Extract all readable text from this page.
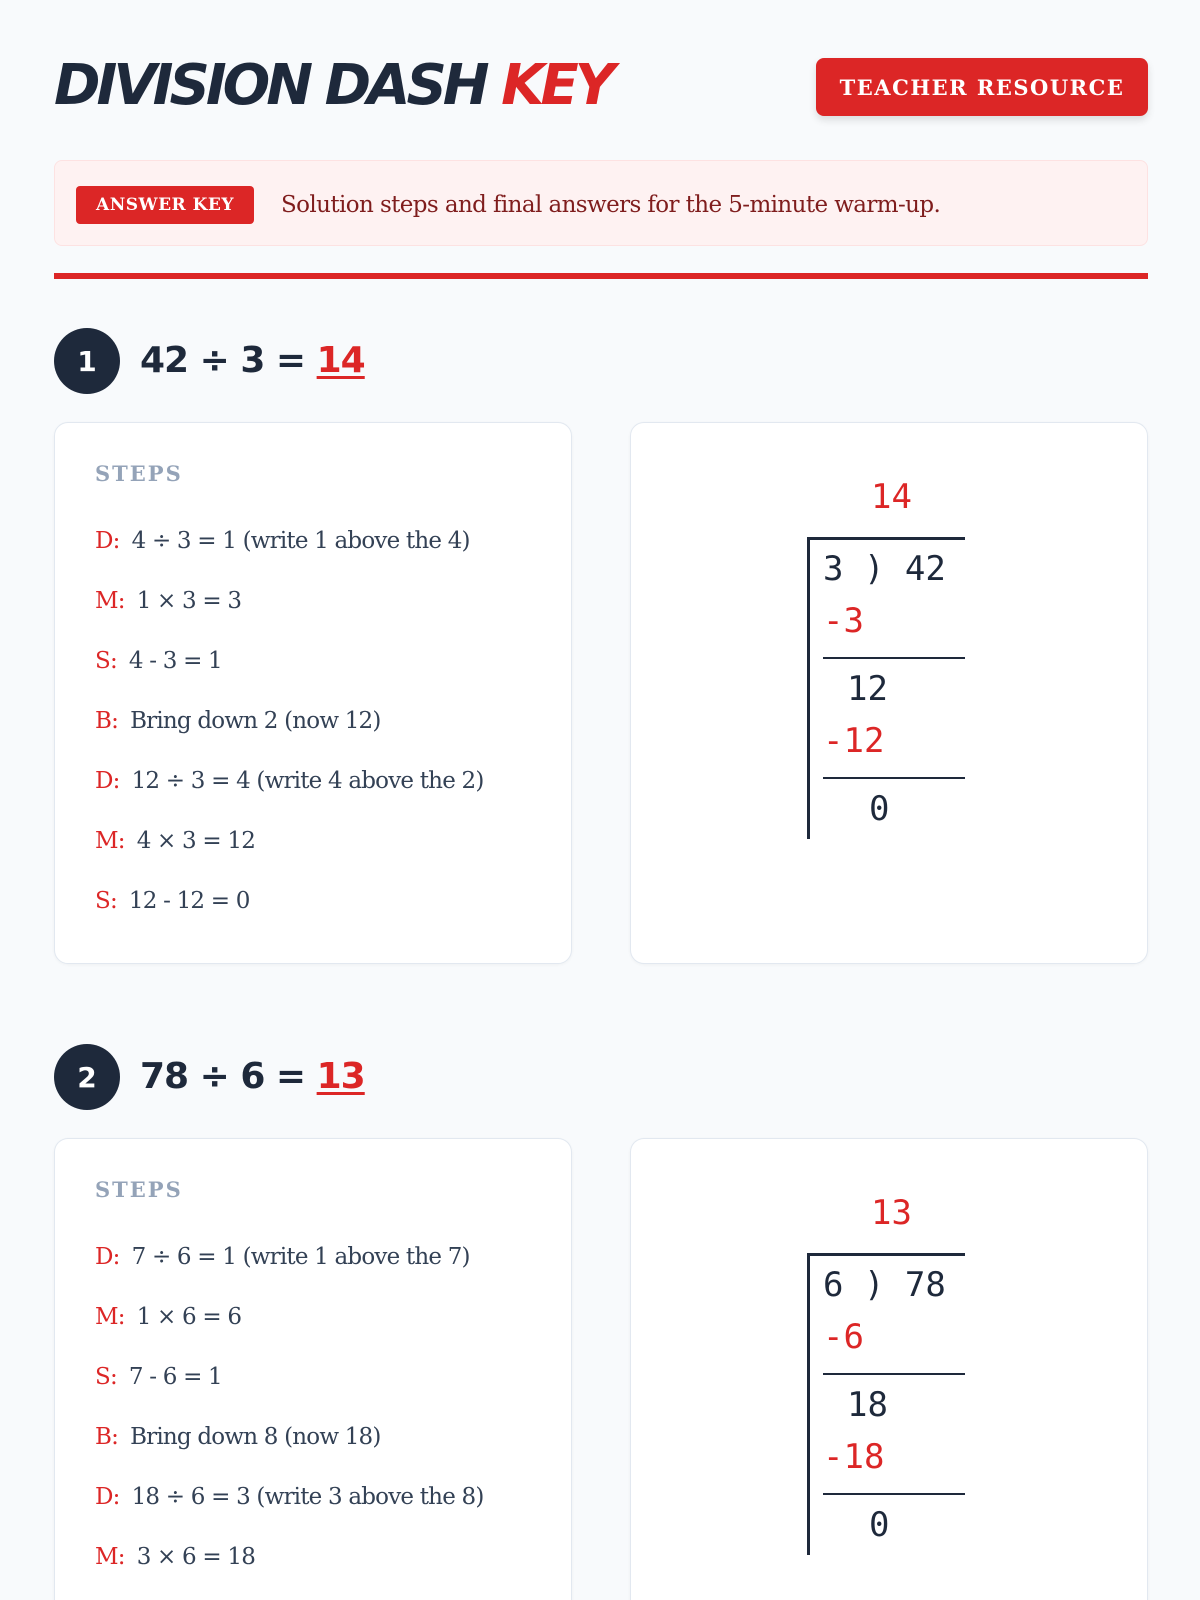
DIVISION DASH KEY	TEACHER RESOURCE
ANSWER KEY	Solution steps and final answers for the 5-minute warm-up.
1	42 ÷ 3 = 14
STEPS
D: 4 ÷ 3 = 1 (write 1 above the 4)
M: 1 × 3 = 3
S: 4 - 3 = 1
B: Bring down 2 (now 12)
D: 12 ÷ 3 = 4 (write 4 above the 2)
M: 4 × 3 = 12
S: 12 - 12 = 0
14
3 ) 42
-3
12
-12
0
2	78 ÷ 6 = 13
STEPS
D: 7 ÷ 6 = 1 (write 1 above the 7)
M: 1 × 6 = 6
S: 7 - 6 = 1
B: Bring down 8 (now 18)
D: 18 ÷ 6 = 3 (write 3 above the 8)
M: 3 × 6 = 18
13
6 ) 78
-6
18
-18
0
